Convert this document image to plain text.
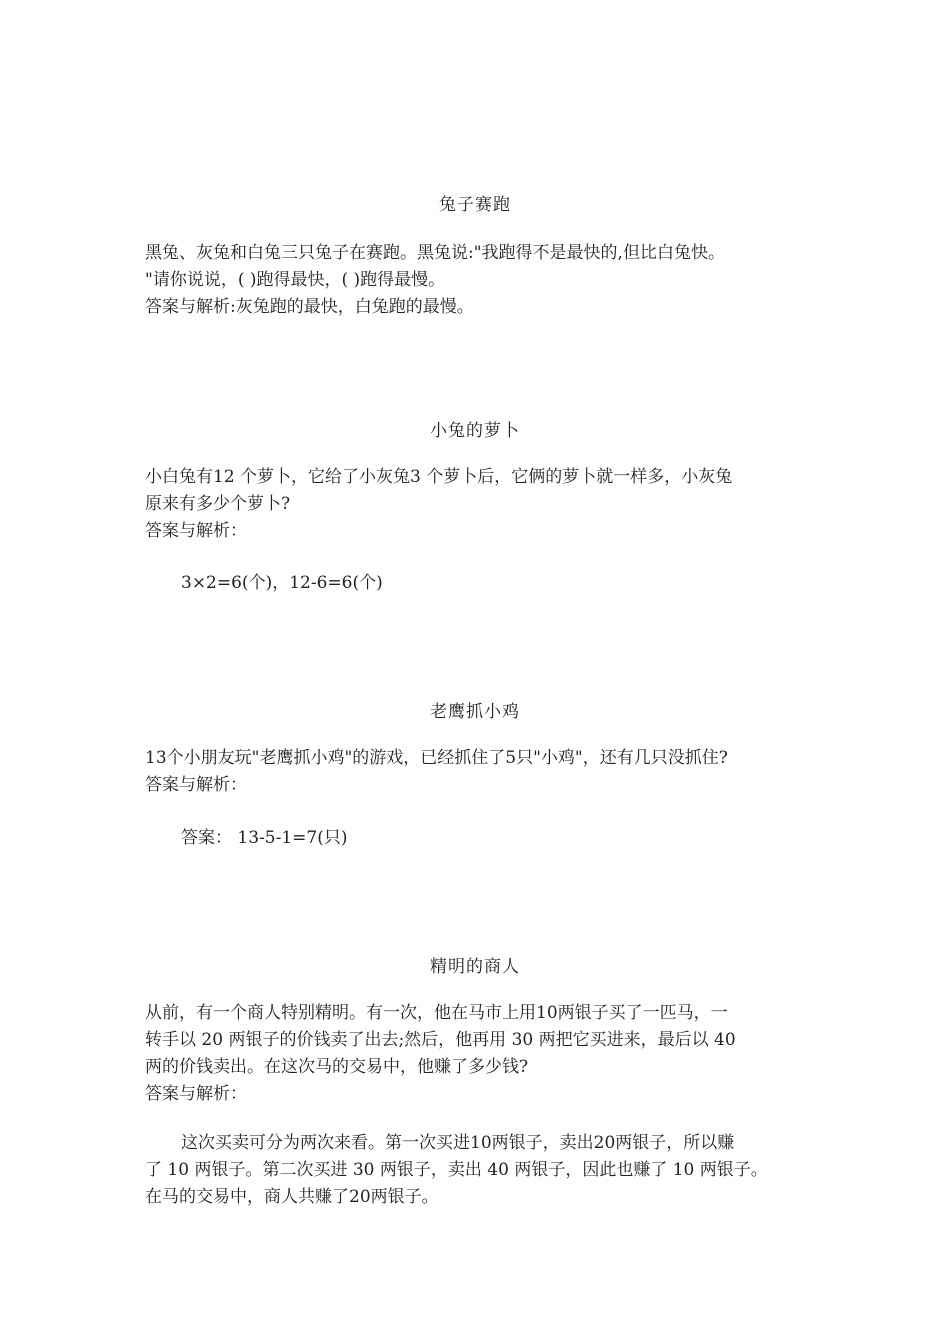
兔子赛跑
黑兔、灰兔和白兔三只兔子在赛跑。黑兔说:"我跑得不是最快的,但比白兔快。
"请你说说，( )跑得最快，( )跑得最慢。
答案与解析:灰兔跑的最快，白兔跑的最慢。
小兔的萝卜
小白兔有12 个萝卜，它给了小灰兔3 个萝卜后，它俩的萝卜就一样多，小灰兔
原来有多少个萝卜?
答案与解析：
3×2=6(个)，12-6=6(个)
老鹰抓小鸡
13个小朋友玩"老鹰抓小鸡"的游戏，已经抓住了5只"小鸡"，还有几只没抓住?
答案与解析：
答案： 13-5-1=7(只)
精明的商人
从前，有一个商人特别精明。有一次，他在马市上用10两银子买了一匹马，一
转手以 20 两银子的价钱卖了出去;然后，他再用 30 两把它买进来，最后以 40
两的价钱卖出。在这次马的交易中，他赚了多少钱?
答案与解析：
这次买卖可分为两次来看。第一次买进10两银子，卖出20两银子，所以赚
了 10 两银子。第二次买进 30 两银子，卖出 40 两银子，因此也赚了 10 两银子。
在马的交易中，商人共赚了20两银子。
